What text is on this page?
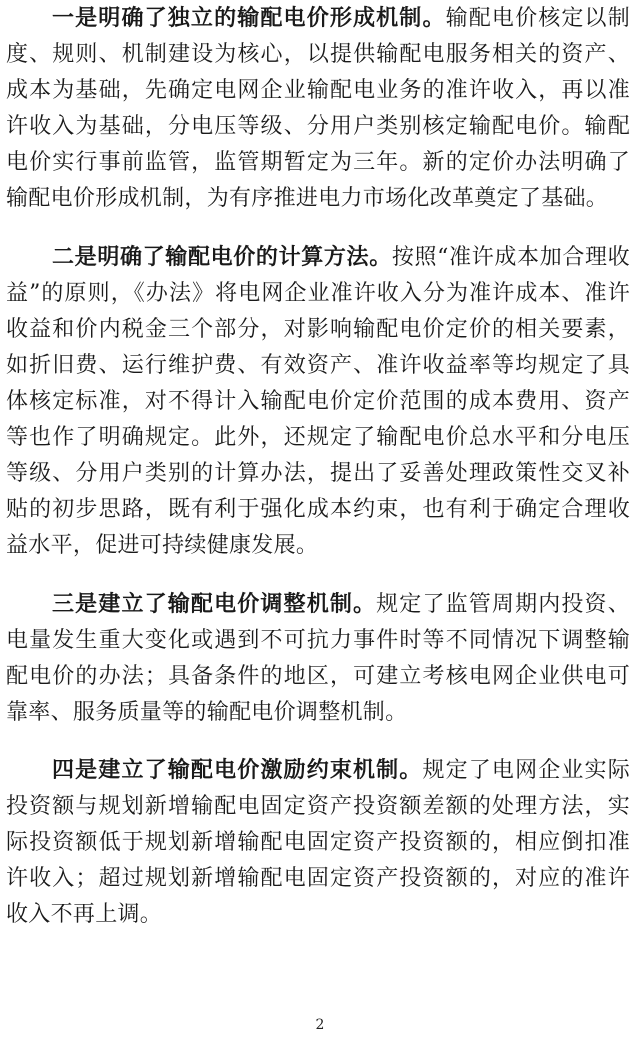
一是明确了独立的输配电价形成机制。输配电价核定以制度、规则、机制建设为核心，以提供输配电服务相关的资产、成本为基础，先确定电网企业输配电业务的准许收入，再以准许收入为基础，分电压等级、分用户类别核定输配电价。输配电价实行事前监管，监管期暂定为三年。新的定价办法明确了输配电价形成机制，为有序推进电力市场化改革奠定了基础。

二是明确了输配电价的计算方法。按照“准许成本加合理收益”的原则，《办法》将电网企业准许收入分为准许成本、准许收益和价内税金三个部分，对影响输配电价定价的相关要素，如折旧费、运行维护费、有效资产、准许收益率等均规定了具体核定标准，对不得计入输配电价定价范围的成本费用、资产等也作了明确规定。此外，还规定了输配电价总水平和分电压等级、分用户类别的计算办法，提出了妥善处理政策性交叉补贴的初步思路，既有利于强化成本约束，也有利于确定合理收益水平，促进可持续健康发展。

三是建立了输配电价调整机制。规定了监管周期内投资、电量发生重大变化或遇到不可抗力事件时等不同情况下调整输配电价的办法；具备条件的地区，可建立考核电网企业供电可靠率、服务质量等的输配电价调整机制。

四是建立了输配电价激励约束机制。规定了电网企业实际投资额与规划新增输配电固定资产投资额差额的处理方法，实际投资额低于规划新增输配电固定资产投资额的，相应倒扣准许收入；超过规划新增输配电固定资产投资额的，对应的准许收入不再上调。

2
